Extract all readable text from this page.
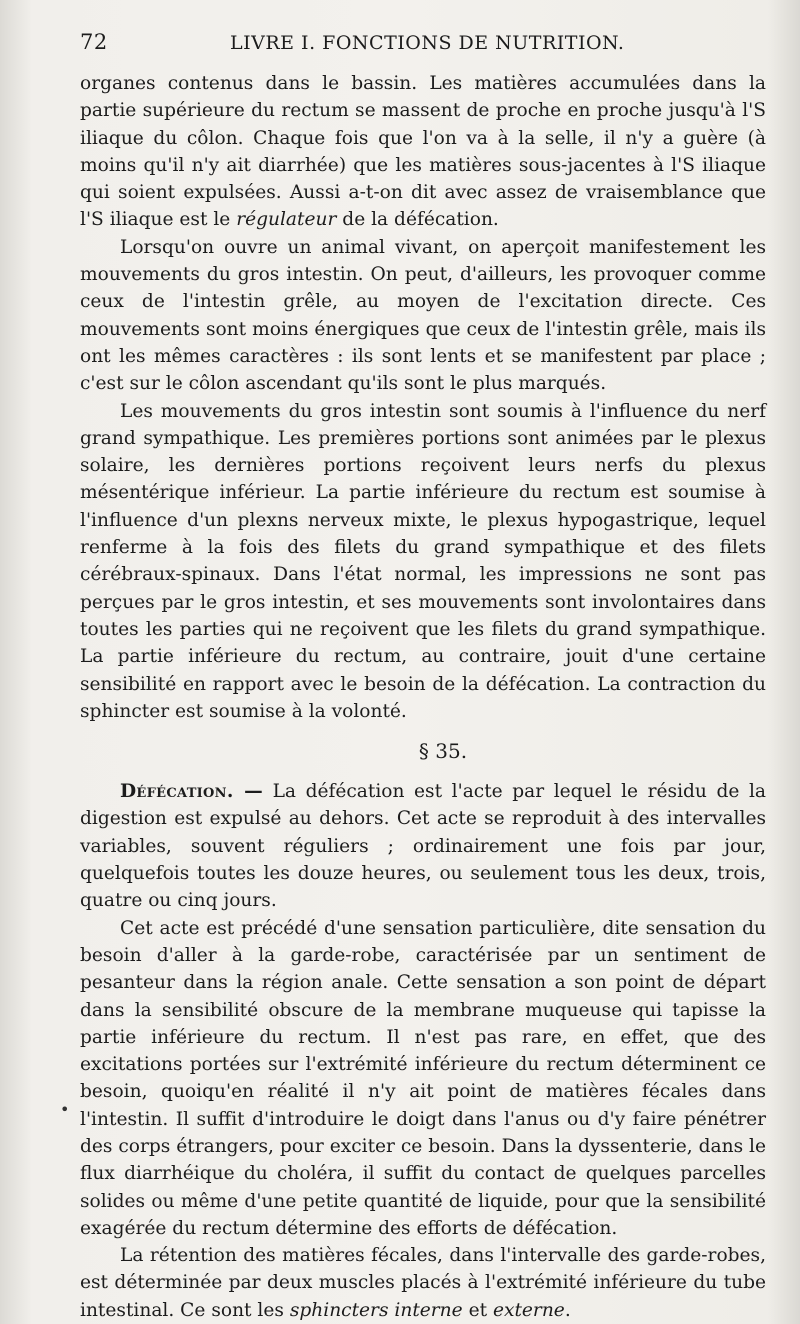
72	LIVRE I. FONCTIONS DE NUTRITION.

organes contenus dans le bassin. Les matières accumulées dans la partie supérieure du rectum se massent de proche en proche jusqu'à l'S iliaque du côlon. Chaque fois que l'on va à la selle, il n'y a guère (à moins qu'il n'y ait diarrhée) que les matières sous-jacentes à l'S iliaque qui soient expulsées. Aussi a-t-on dit avec assez de vraisemblance que l'S iliaque est le régulateur de la défécation.

Lorsqu'on ouvre un animal vivant, on aperçoit manifestement les mouvements du gros intestin. On peut, d'ailleurs, les provoquer comme ceux de l'intestin grêle, au moyen de l'excitation directe. Ces mouvements sont moins énergiques que ceux de l'intestin grêle, mais ils ont les mêmes caractères : ils sont lents et se manifestent par place ; c'est sur le côlon ascendant qu'ils sont le plus marqués.

Les mouvements du gros intestin sont soumis à l'influence du nerf grand sympathique. Les premières portions sont animées par le plexus solaire, les dernières portions reçoivent leurs nerfs du plexus mésentérique inférieur. La partie inférieure du rectum est soumise à l'influence d'un plexns nerveux mixte, le plexus hypogastrique, lequel renferme à la fois des filets du grand sympathique et des filets cérébraux-spinaux. Dans l'état normal, les impressions ne sont pas perçues par le gros intestin, et ses mouvements sont involontaires dans toutes les parties qui ne reçoivent que les filets du grand sympathique. La partie inférieure du rectum, au contraire, jouit d'une certaine sensibilité en rapport avec le besoin de la défécation. La contraction du sphincter est soumise à la volonté.

§ 35.

Défécation. — La défécation est l'acte par lequel le résidu de la digestion est expulsé au dehors. Cet acte se reproduit à des intervalles variables, souvent réguliers ; ordinairement une fois par jour, quelquefois toutes les douze heures, ou seulement tous les deux, trois, quatre ou cinq jours.

Cet acte est précédé d'une sensation particulière, dite sensation du besoin d'aller à la garde-robe, caractérisée par un sentiment de pesanteur dans la région anale. Cette sensation a son point de départ dans la sensibilité obscure de la membrane muqueuse qui tapisse la partie inférieure du rectum. Il n'est pas rare, en effet, que des excitations portées sur l'extrémité inférieure du rectum déterminent ce besoin, quoiqu'en réalité il n'y ait point de matières fécales dans l'intestin. Il suffit d'introduire le doigt dans l'anus ou d'y faire pénétrer des corps étrangers, pour exciter ce besoin. Dans la dyssenterie, dans le flux diarrhéique du choléra, il suffit du contact de quelques parcelles solides ou même d'une petite quantité de liquide, pour que la sensibilité exagérée du rectum détermine des efforts de défécation.

La rétention des matières fécales, dans l'intervalle des garde-robes, est déterminée par deux muscles placés à l'extrémité inférieure du tube intestinal. Ce sont les sphincters interne et externe.

•
